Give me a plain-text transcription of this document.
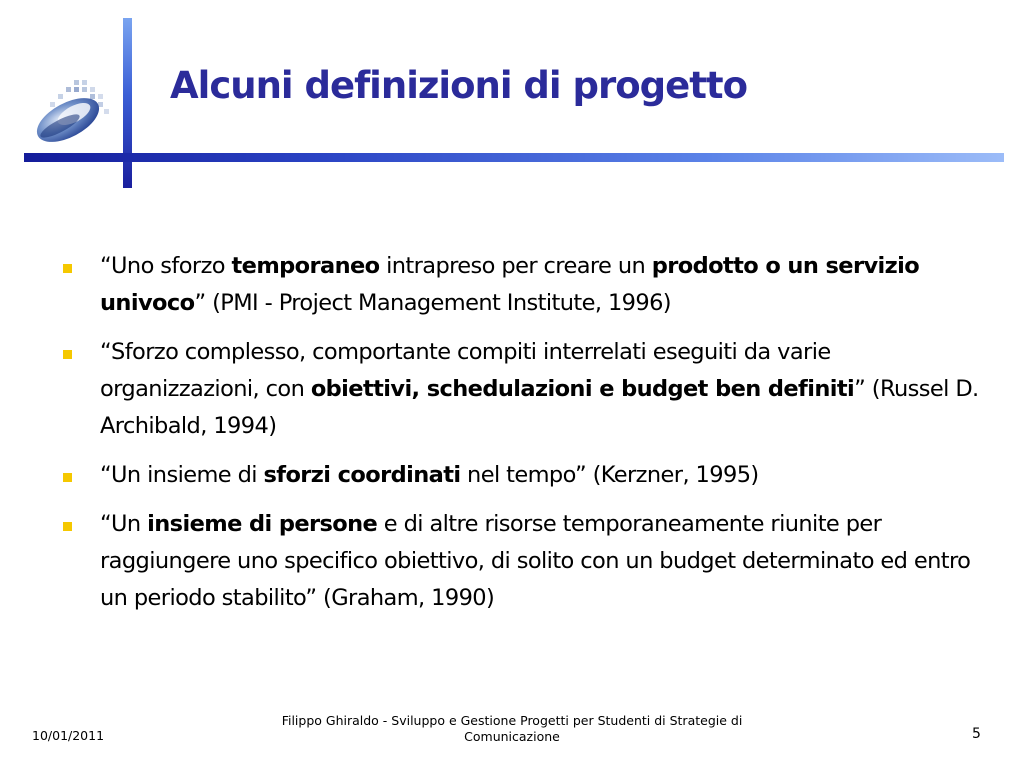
Alcuni definizioni di progetto
“Uno sforzo temporaneo intrapreso per creare un prodotto o un servizio univoco” (PMI - Project Management Institute, 1996)
“Sforzo complesso, comportante compiti interrelati eseguiti da varie organizzazioni, con obiettivi, schedulazioni e budget ben definiti” (Russel D. Archibald, 1994)
“Un insieme di sforzi coordinati nel tempo” (Kerzner, 1995)
“Un insieme di persone e di altre risorse temporaneamente riunite per raggiungere uno specifico obiettivo, di solito con un budget determinato ed entro un periodo stabilito” (Graham, 1990)
10/01/2011
Filippo Ghiraldo - Sviluppo e Gestione Progetti per Studenti di Strategie di
Comunicazione	5
